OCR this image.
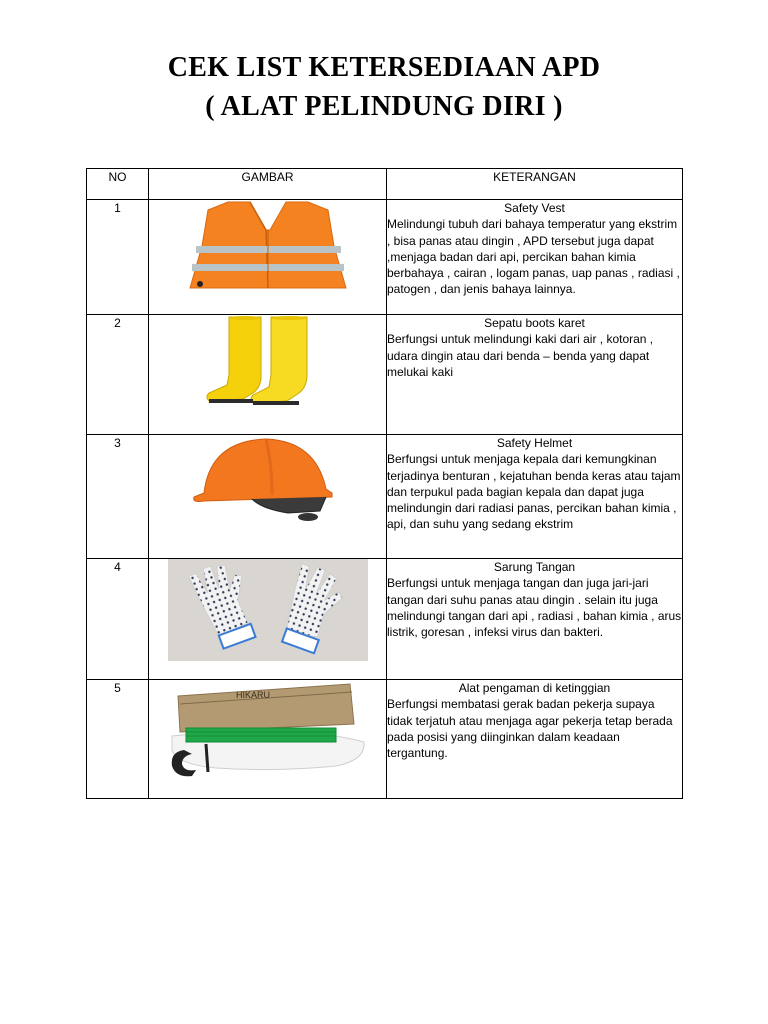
CEK LIST KETERSEDIAAN APD
( ALAT PELINDUNG DIRI )
NO	GAMBAR	KETERANGAN
1		Safety Vest
Melindungi tubuh dari bahaya temperatur yang ekstrim , bisa panas atau dingin , APD tersebut juga dapat ,menjaga badan dari api, percikan bahan kimia berbahaya , cairan , logam panas, uap panas , radiasi , patogen , dan jenis bahaya lainnya.

2		Sepatu boots karet
Berfungsi untuk melindungi kaki dari air , kotoran , udara dingin atau dari benda – benda yang dapat melukai kaki

3		Safety Helmet
Berfungsi untuk menjaga kepala dari kemungkinan terjadinya benturan , kejatuhan benda keras atau tajam dan terpukul pada bagian kepala dan dapat juga melindungin dari radiasi panas, percikan bahan kimia , api, dan suhu yang sedang ekstrim

4		Sarung Tangan
Berfungsi untuk menjaga tangan dan juga jari-jari tangan dari suhu panas atau dingin . selain itu juga melindungi tangan dari api , radiasi , bahan kimia , arus listrik, goresan , infeksi virus dan bakteri.

5	HIKARU	Alat pengaman di ketinggian
Berfungsi membatasi gerak badan pekerja supaya tidak terjatuh atau menjaga agar pekerja tetap berada pada posisi yang diinginkan dalam keadaan tergantung.
